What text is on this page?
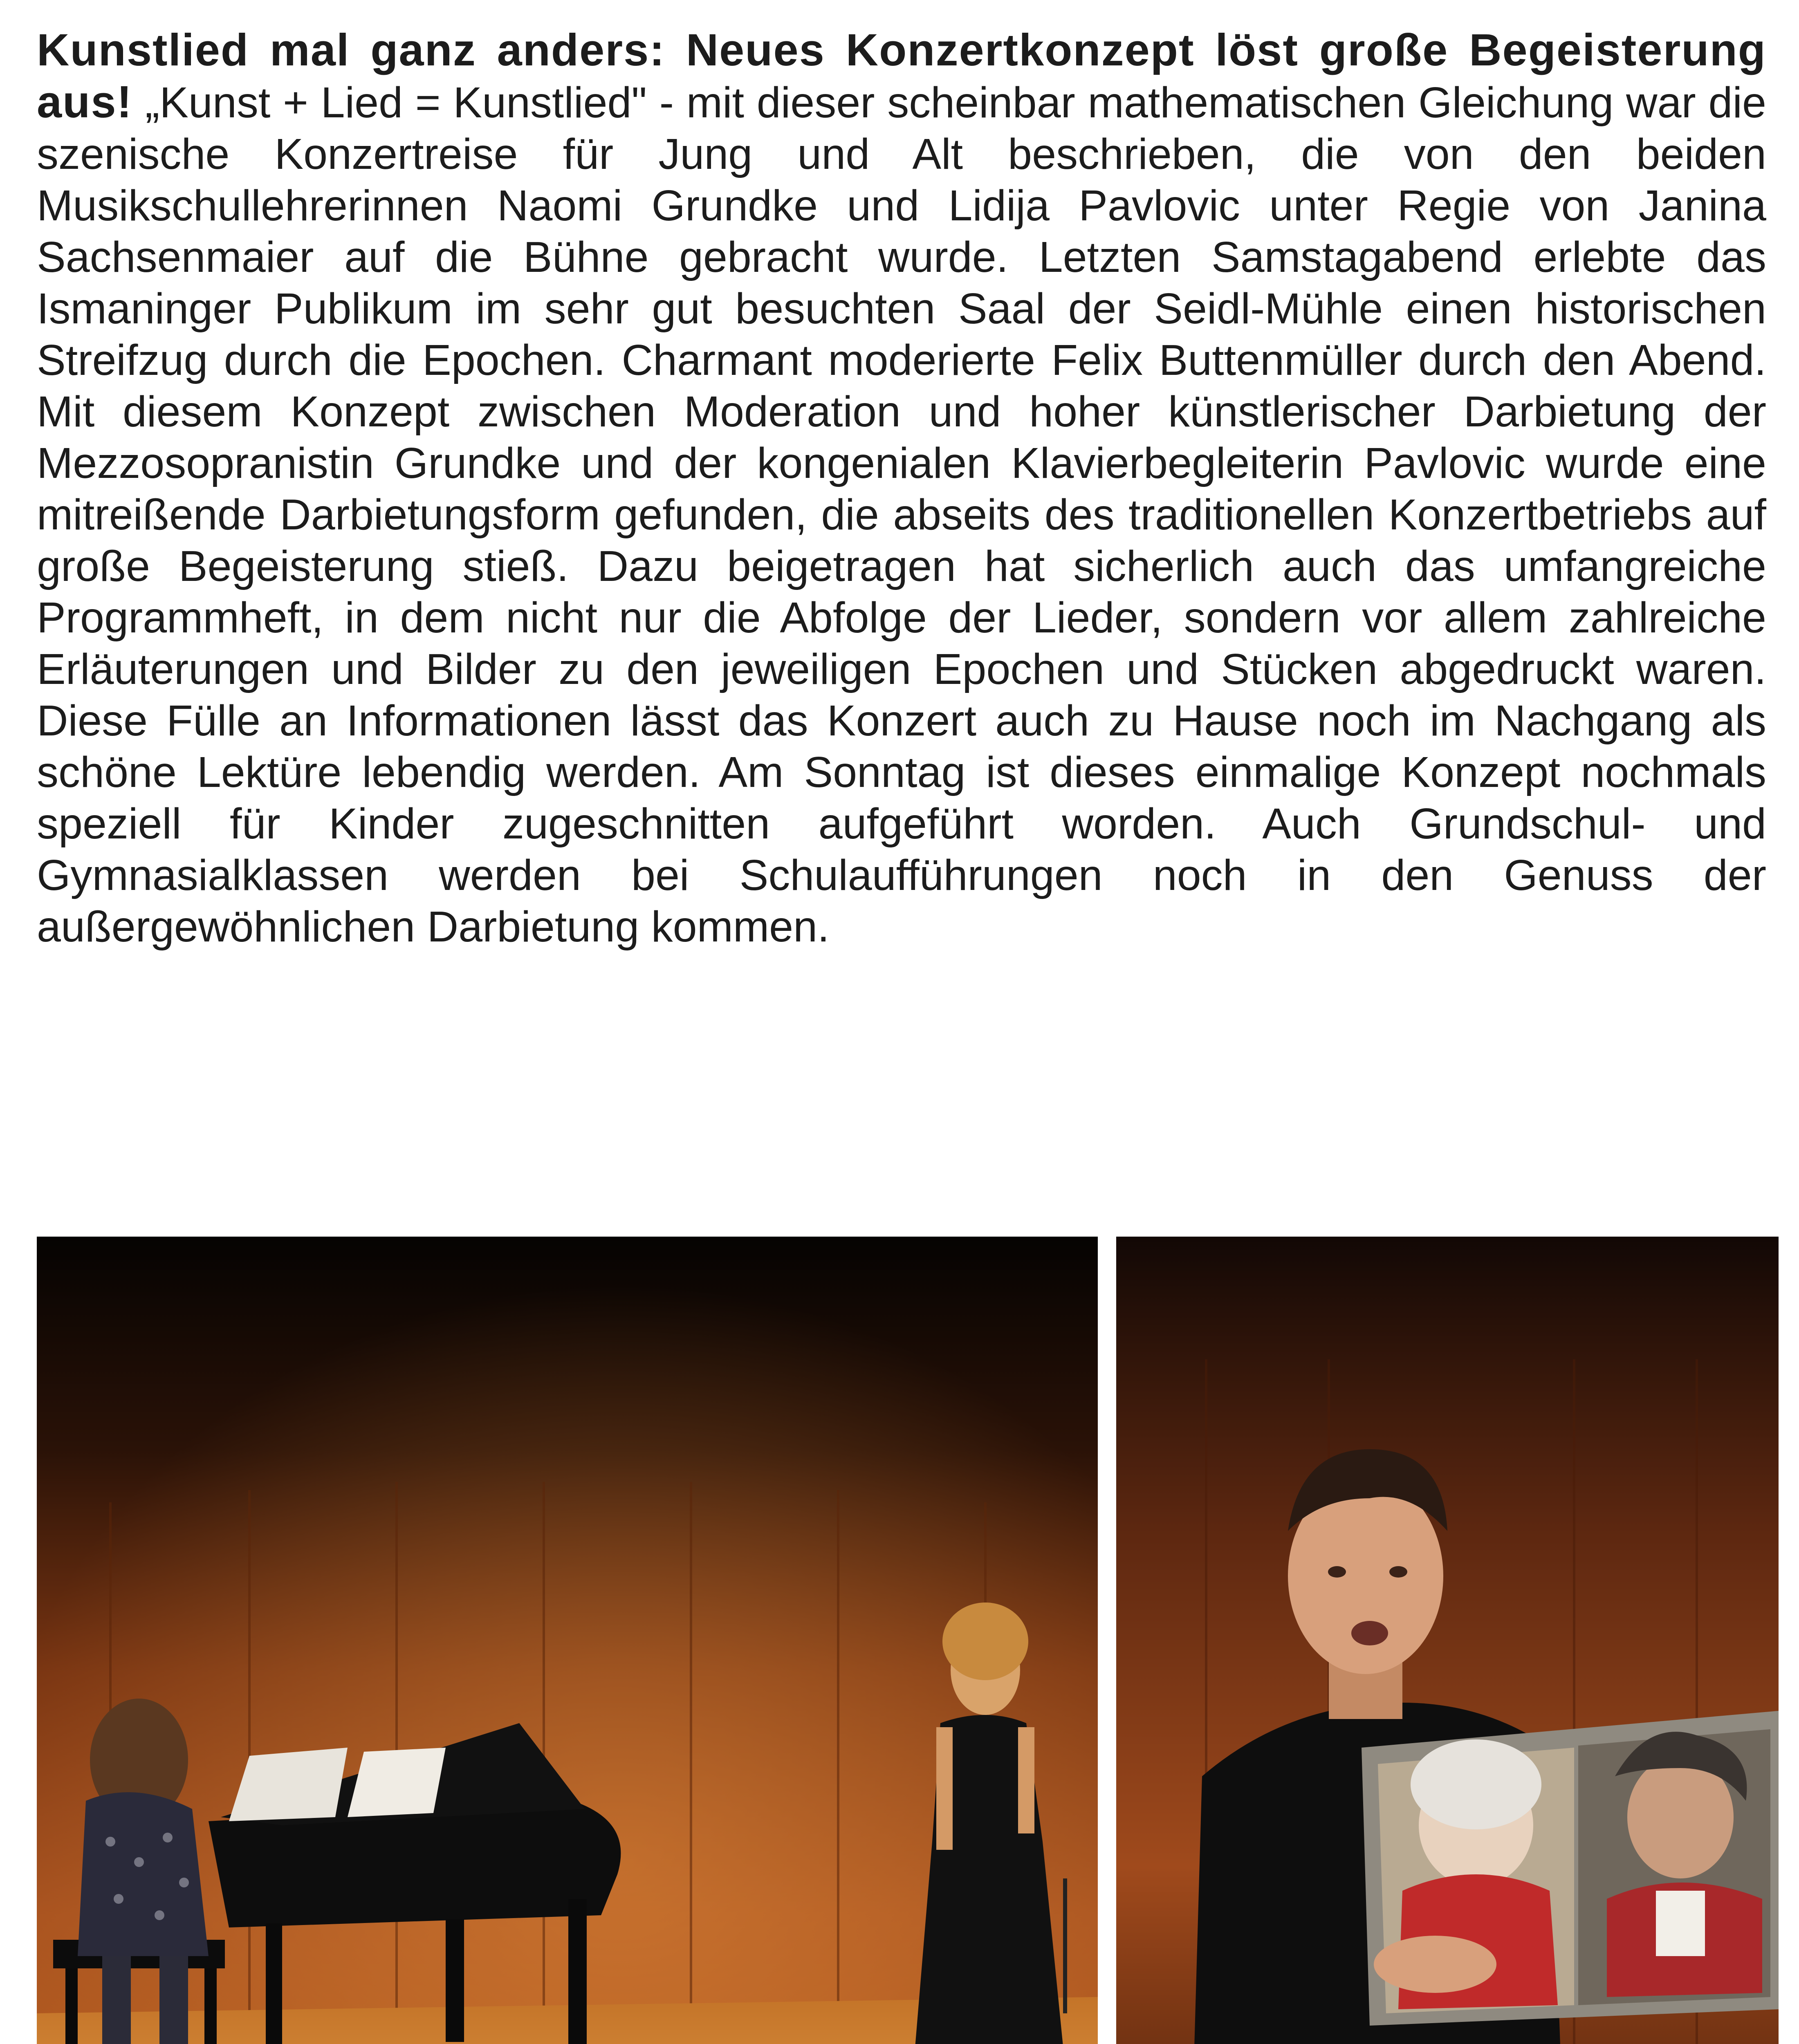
Kunstlied mal ganz anders: Neues Konzertkonzept löst große Begeisterung aus! „Kunst + Lied = Kunstlied" - mit dieser scheinbar mathematischen Gleichung war die szenische Konzertreise für Jung und Alt beschrieben, die von den beiden Musikschullehrerinnen Naomi Grundke und Lidija Pavlovic unter Regie von Janina Sachsenmaier auf die Bühne gebracht wurde. Letzten Samstagabend erlebte das Ismaninger Publikum im sehr gut besuchten Saal der Seidl-Mühle einen historischen Streifzug durch die Epochen. Charmant moderierte Felix Buttenmüller durch den Abend. Mit diesem Konzept zwischen Moderation und hoher künstlerischer Darbietung der Mezzosopranistin Grundke und der kongenialen Klavierbegleiterin Pavlovic wurde eine mitreißende Darbietungsform gefunden, die abseits des traditionellen Konzertbetriebs auf große Begeisterung stieß. Dazu beigetragen hat sicherlich auch das umfangreiche Programmheft, in dem nicht nur die Abfolge der Lieder, sondern vor allem zahlreiche Erläuterungen und Bilder zu den jeweiligen Epochen und Stücken abgedruckt waren. Diese Fülle an Informationen lässt das Konzert auch zu Hause noch im Nachgang als schöne Lektüre lebendig werden. Am Sonntag ist dieses einmalige Konzept nochmals speziell für Kinder zugeschnitten aufgeführt worden. Auch Grundschul- und Gymnasialklassen werden bei Schulaufführungen noch in den Genuss der außergewöhnlichen Darbietung kommen.
